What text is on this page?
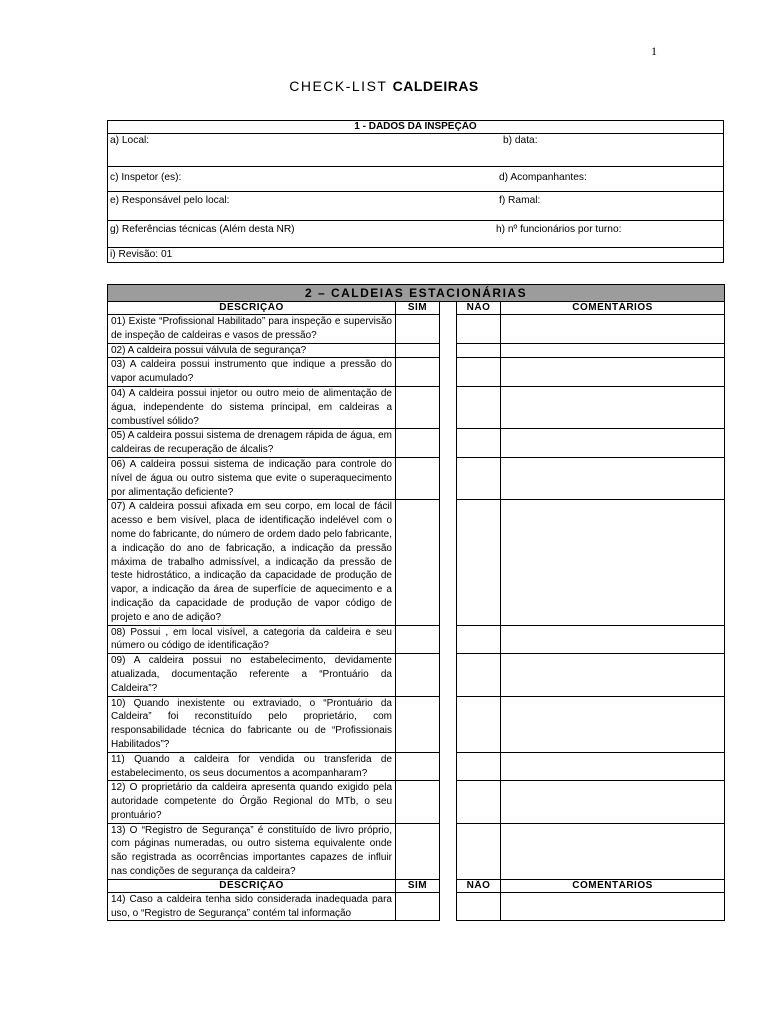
1
CHECK-LIST CALDEIRAS
1 - DADOS DA INSPEÇÃO

a) Local:	b) data:

c) Inspetor (es):	d) Acompanhantes:

e) Responsável pelo local:	f) Ramal:

g) Referências técnicas (Além desta NR)	h) nº funcionários por turno:

i) Revisão: 01
2 – CALDEIAS ESTACIONÁRIAS				
DESCRIÇÃO	SIM		NÃO	COMENTÁRIOS
01) Existe “Profissional Habilitado” para inspeção e supervisão de inspeção de caldeiras e vasos de pressão?				
02) A caldeira possui válvula de segurança?				
03) A caldeira possui instrumento que indique a pressão do vapor acumulado?				
04) A caldeira possui injetor ou outro meio de alimentação de água, independente do sistema principal, em caldeiras a combustível sólido?				
05) A caldeira possui sistema de drenagem rápida de água, em caldeiras de recuperação de álcalis?				
06) A caldeira possui sistema de indicação para controle do nível de água ou outro sistema que evite o superaquecimento por alimentação deficiente?				
07) A caldeira possui afixada em seu corpo, em local de fácil acesso e bem visível, placa de identificação indelével com o nome do fabricante, do número de ordem dado pelo fabricante, a indicação do ano de fabricação, a indicação da pressão máxima de trabalho admissível, a indicação da pressão de teste hidrostático, a indicação da capacidade de produção de vapor, a indicação da área de superfície de aquecimento e a indicação da capacidade de produção de vapor código de projeto e ano de adição?				
08) Possui , em local visível, a categoria da caldeira e seu número ou código de identificação?				
09) A caldeira possui no estabelecimento, devidamente atualizada, documentação referente a “Prontuário da Caldeira”?				
10) Quando inexistente ou extraviado, o “Prontuário da Caldeira” foi reconstituído pelo proprietário, com responsabilidade técnica do fabricante ou de “Profissionais Habilitados”?				
11) Quando a caldeira for vendida ou transferida de estabelecimento, os seus documentos a acompanharam?				
12) O proprietário da caldeira apresenta quando exigido pela autoridade competente do Órgão Regional do MTb, o seu prontuário?				
13) O “Registro de Segurança” é constituído de livro próprio, com páginas numeradas, ou outro sistema equivalente onde são registrada as ocorrências importantes capazes de influir nas condições de segurança da caldeira?				
DESCRIÇÃO	SIM		NÃO	COMENTÁRIOS
14) Caso a caldeira tenha sido considerada inadequada para uso, o “Registro de Segurança” contém tal informação				
